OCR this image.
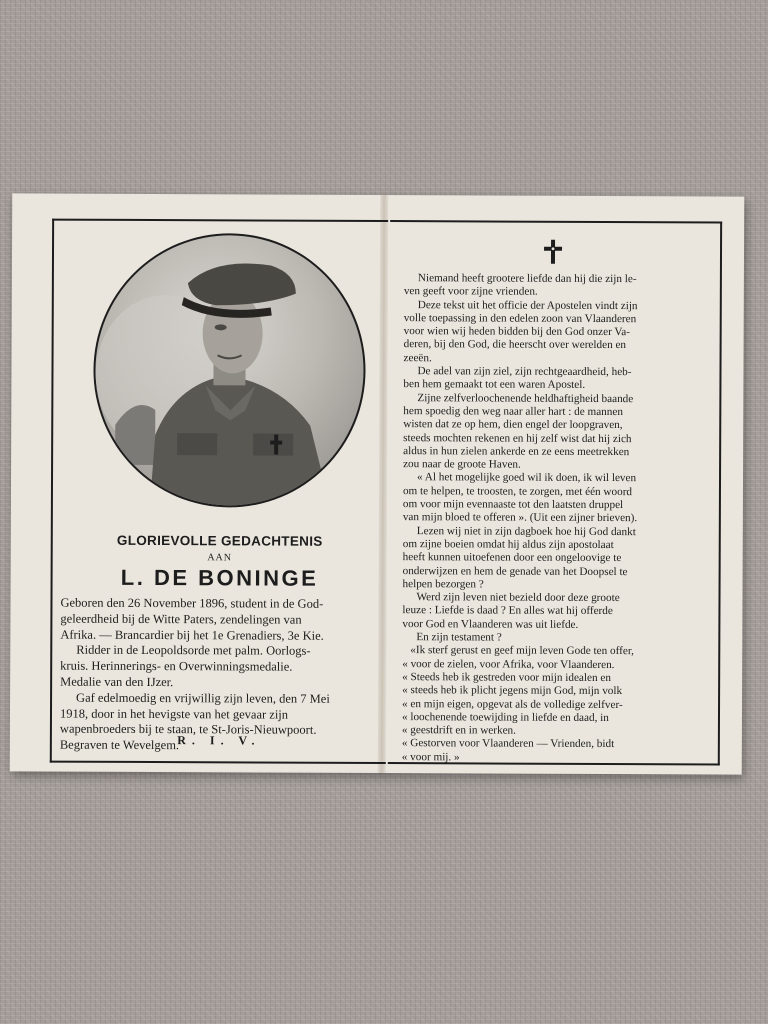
GLORIEVOLLE GEDACHTENIS
AAN
L. DE BONINGE
Geboren den 26 November 1896, student in de God-
geleerdheid bij de Witte Paters, zendelingen van
Afrika. — Brancardier bij het 1e Grenadiers, 3e Kie.
Ridder in de Leopoldsorde met palm. Oorlogs-
kruis. Herinnerings- en Overwinningsmedalie.
Medalie van den IJzer.
Gaf edelmoedig en vrijwillig zijn leven, den 7 Mei
1918, door in het hevigste van het gevaar zijn
wapenbroeders bij te staan, te St-Joris-Nieuwpoort.
Begraven te Wevelgem.
R. I. V.
Niemand heeft grootere liefde dan hij die zijn le-
ven geeft voor zijne vrienden.
Deze tekst uit het officie der Apostelen vindt zijn
volle toepassing in den edelen zoon van Vlaanderen
voor wien wij heden bidden bij den God onzer Va-
deren, bij den God, die heerscht over werelden en
zeeën.
De adel van zijn ziel, zijn rechtgeaardheid, heb-
ben hem gemaakt tot een waren Apostel.
Zijne zelfverloochenende heldhaftigheid baande
hem spoedig den weg naar aller hart : de mannen
wisten dat ze op hem, dien engel der loopgraven,
steeds mochten rekenen en hij zelf wist dat hij zich
aldus in hun zielen ankerde en ze eens meetrekken
zou naar de groote Haven.
« Al het mogelijke goed wil ik doen, ik wil leven
om te helpen, te troosten, te zorgen, met één woord
om voor mijn evennaaste tot den laatsten druppel
van mijn bloed te offeren ». (Uit een zijner brieven).
Lezen wij niet in zijn dagboek hoe hij God dankt
om zijne boeien omdat hij aldus zijn apostolaat
heeft kunnen uitoefenen door een ongeloovige te
onderwijzen en hem de genade van het Doopsel te
helpen bezorgen ?
Werd zijn leven niet bezield door deze groote
leuze : Liefde is daad ? En alles wat hij offerde
voor God en Vlaanderen was uit liefde.
En zijn testament ?
«Ik sterf gerust en geef mijn leven Gode ten offer,
« voor de zielen, voor Afrika, voor Vlaanderen.
« Steeds heb ik gestreden voor mijn idealen en
« steeds heb ik plicht jegens mijn God, mijn volk
« en mijn eigen, opgevat als de volledige zelfver-
« loochenende toewijding in liefde en daad, in
« geestdrift en in werken.
« Gestorven voor Vlaanderen — Vrienden, bidt
« voor mij. »
